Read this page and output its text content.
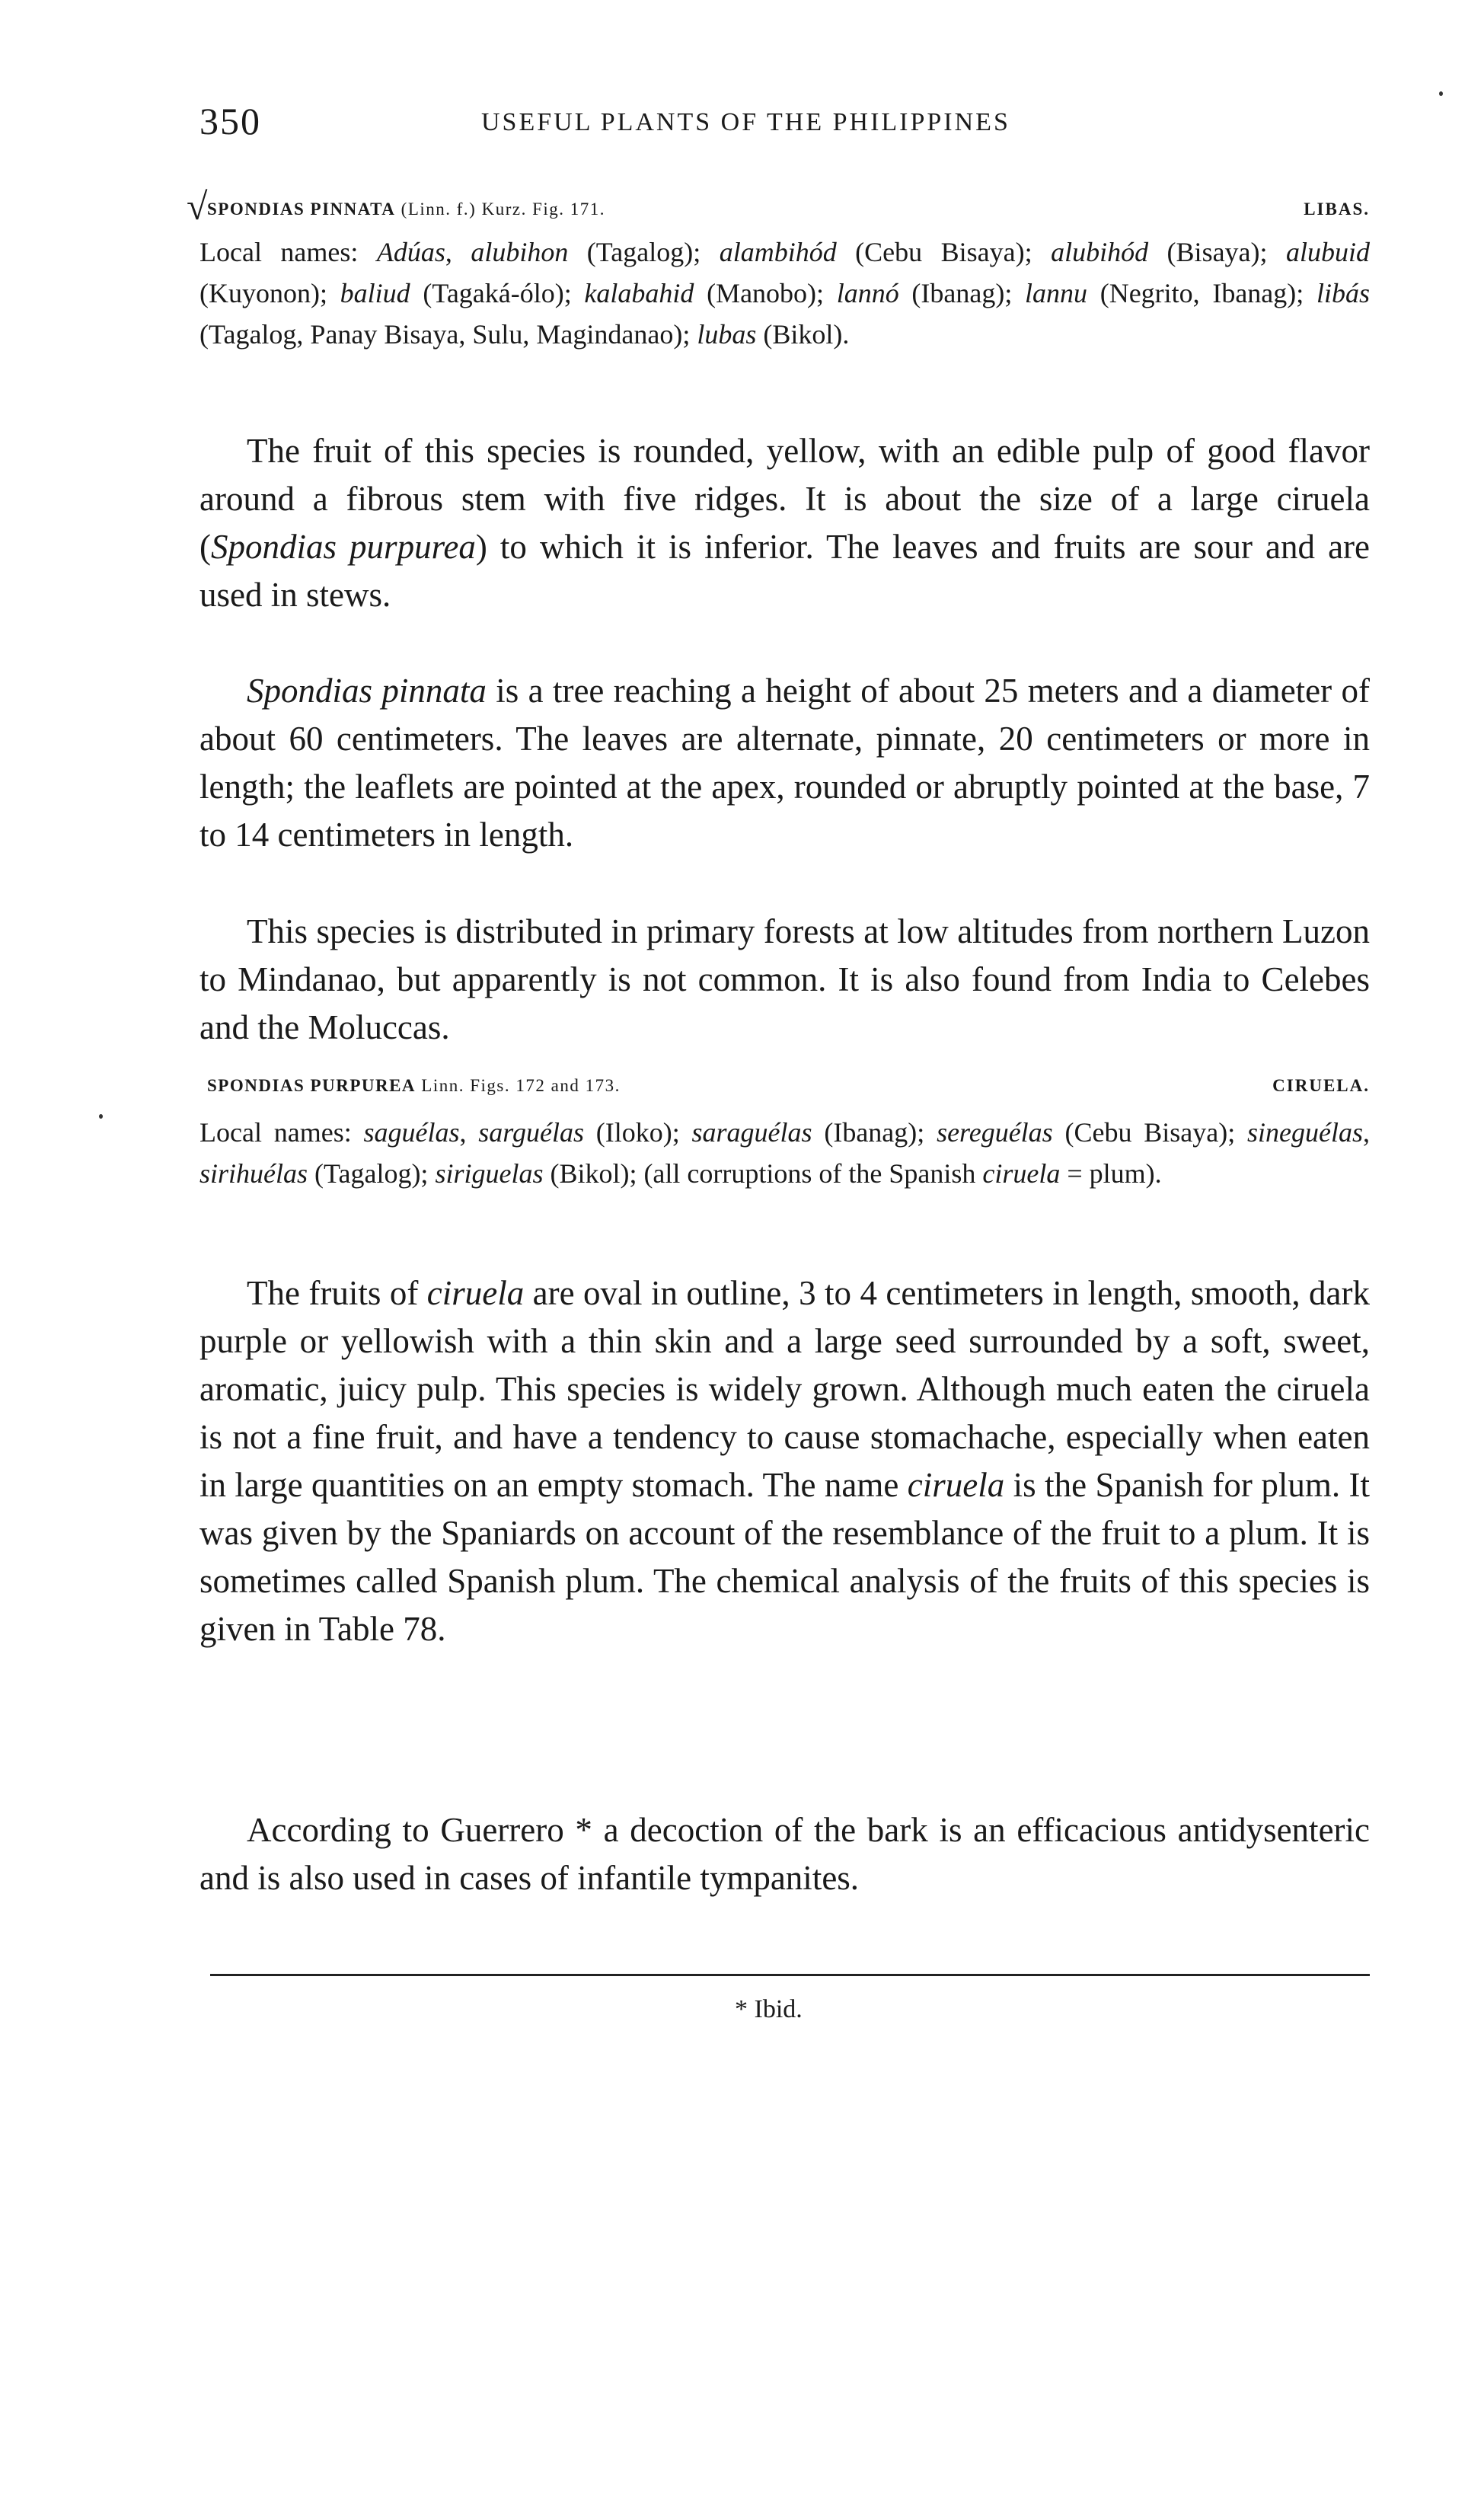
350	USEFUL PLANTS OF THE PHILIPPINES
√ SPONDIAS PINNATA (Linn. f.) Kurz. Fig. 171.	LIBAS.

Local names: Adúas, alubihon (Tagalog); alambihód (Cebu Bisaya); alubihód (Bisaya); alubuid (Kuyonon); baliud (Tagaká-ólo); kalabahid (Manobo); lannó (Ibanag); lannu (Negrito, Ibanag); libás (Tagalog, Panay Bisaya, Sulu, Magindanao); lubas (Bikol).

The fruit of this species is rounded, yellow, with an edible pulp of good flavor around a fibrous stem with five ridges. It is about the size of a large ciruela (Spondias purpurea) to which it is inferior. The leaves and fruits are sour and are used in stews.

Spondias pinnata is a tree reaching a height of about 25 meters and a diameter of about 60 centimeters. The leaves are alternate, pinnate, 20 centimeters or more in length; the leaflets are pointed at the apex, rounded or abruptly pointed at the base, 7 to 14 centimeters in length.

This species is distributed in primary forests at low altitudes from northern Luzon to Mindanao, but apparently is not common. It is also found from India to Celebes and the Moluccas.

SPONDIAS PURPUREA Linn. Figs. 172 and 173.	CIRUELA.

Local names: saguélas, sarguélas (Iloko); saraguélas (Ibanag); sereguélas (Cebu Bisaya); sineguélas, sirihuélas (Tagalog); siriguelas (Bikol); (all corruptions of the Spanish ciruela = plum).

The fruits of ciruela are oval in outline, 3 to 4 centimeters in length, smooth, dark purple or yellowish with a thin skin and a large seed surrounded by a soft, sweet, aromatic, juicy pulp. This species is widely grown. Although much eaten the ciruela is not a fine fruit, and have a tendency to cause stomachache, especially when eaten in large quantities on an empty stomach. The name ciruela is the Spanish for plum. It was given by the Spaniards on account of the resemblance of the fruit to a plum. It is sometimes called Spanish plum. The chemical analysis of the fruits of this species is given in Table 78.

According to Guerrero * a decoction of the bark is an efficacious antidysenteric and is also used in cases of infantile tympanites.

* Ibid.
